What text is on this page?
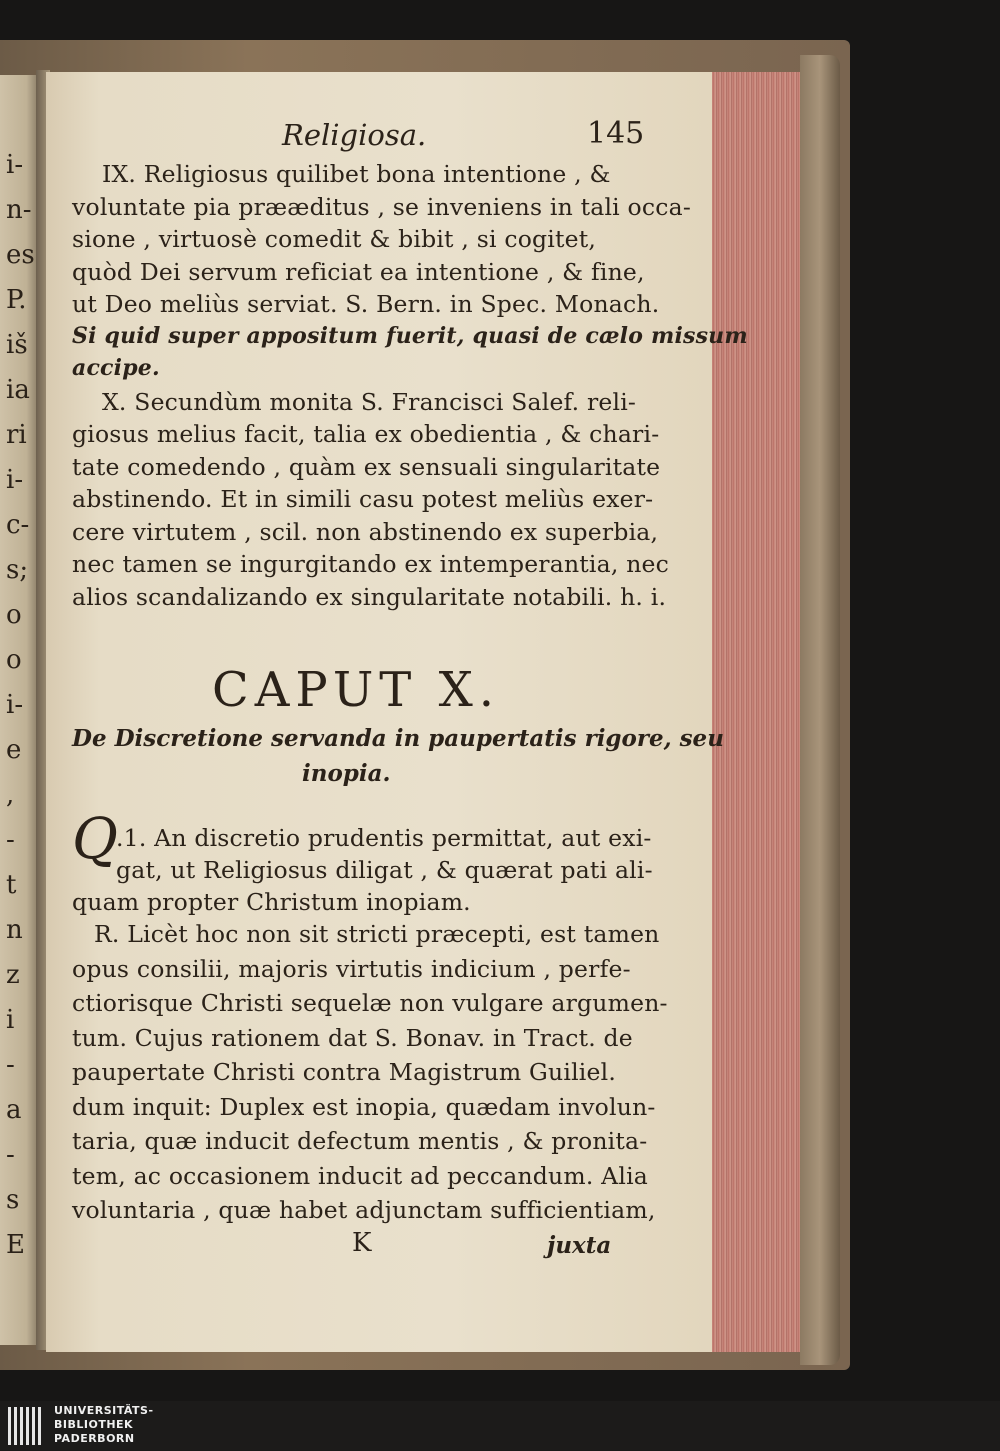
i-
n-
es
P.
iš
ia
ri
i-
c-
s;
o
o
i-
e
,
-
t
n
z
i
-
a
-
s
E
Religiosa.	145
IX. Religiosus quilibet bona intentione , &
voluntate pia prææditus , se inveniens in tali occa-
sione , virtuosè comedit & bibit , si cogitet,
quòd Dei servum reficiat ea intentione , & fine,
ut Deo meliùs serviat. S. Bern. in Spec. Monach.
Si quid super appositum fuerit, quasi de cælo missum
accipe.
X. Secundùm monita S. Francisci Salef. reli-
giosus melius facit, talia ex obedientia , & chari-
tate comedendo , quàm ex sensuali singularitate
abstinendo. Et in simili casu potest meliùs exer-
cere virtutem , scil. non abstinendo ex superbia,
nec tamen se ingurgitando ex intemperantia, nec
alios scandalizando ex singularitate notabili. h. i.
CAPUT X.
De Discretione servanda in paupertatis rigore, seu
inopia.
Q
.1. An discretio prudentis permittat, aut exi-
gat, ut Religiosus diligat , & quærat pati ali-
quam propter Christum inopiam.
R. Licèt hoc non sit stricti præcepti, est tamen
opus consilii, majoris virtutis indicium , perfe-
ctiorisque Christi sequelæ non vulgare argumen-
tum. Cujus rationem dat S. Bonav. in Tract. de
paupertate Christi contra Magistrum Guiliel.
dum inquit: Duplex est inopia, quædam involun-
taria, quæ inducit defectum mentis , & pronita-
tem, ac occasionem inducit ad peccandum. Alia
voluntaria , quæ habet adjunctam sufficientiam,
K	juxta
UNIVERSITÄTS-
BIBLIOTHEK
PADERBORN
